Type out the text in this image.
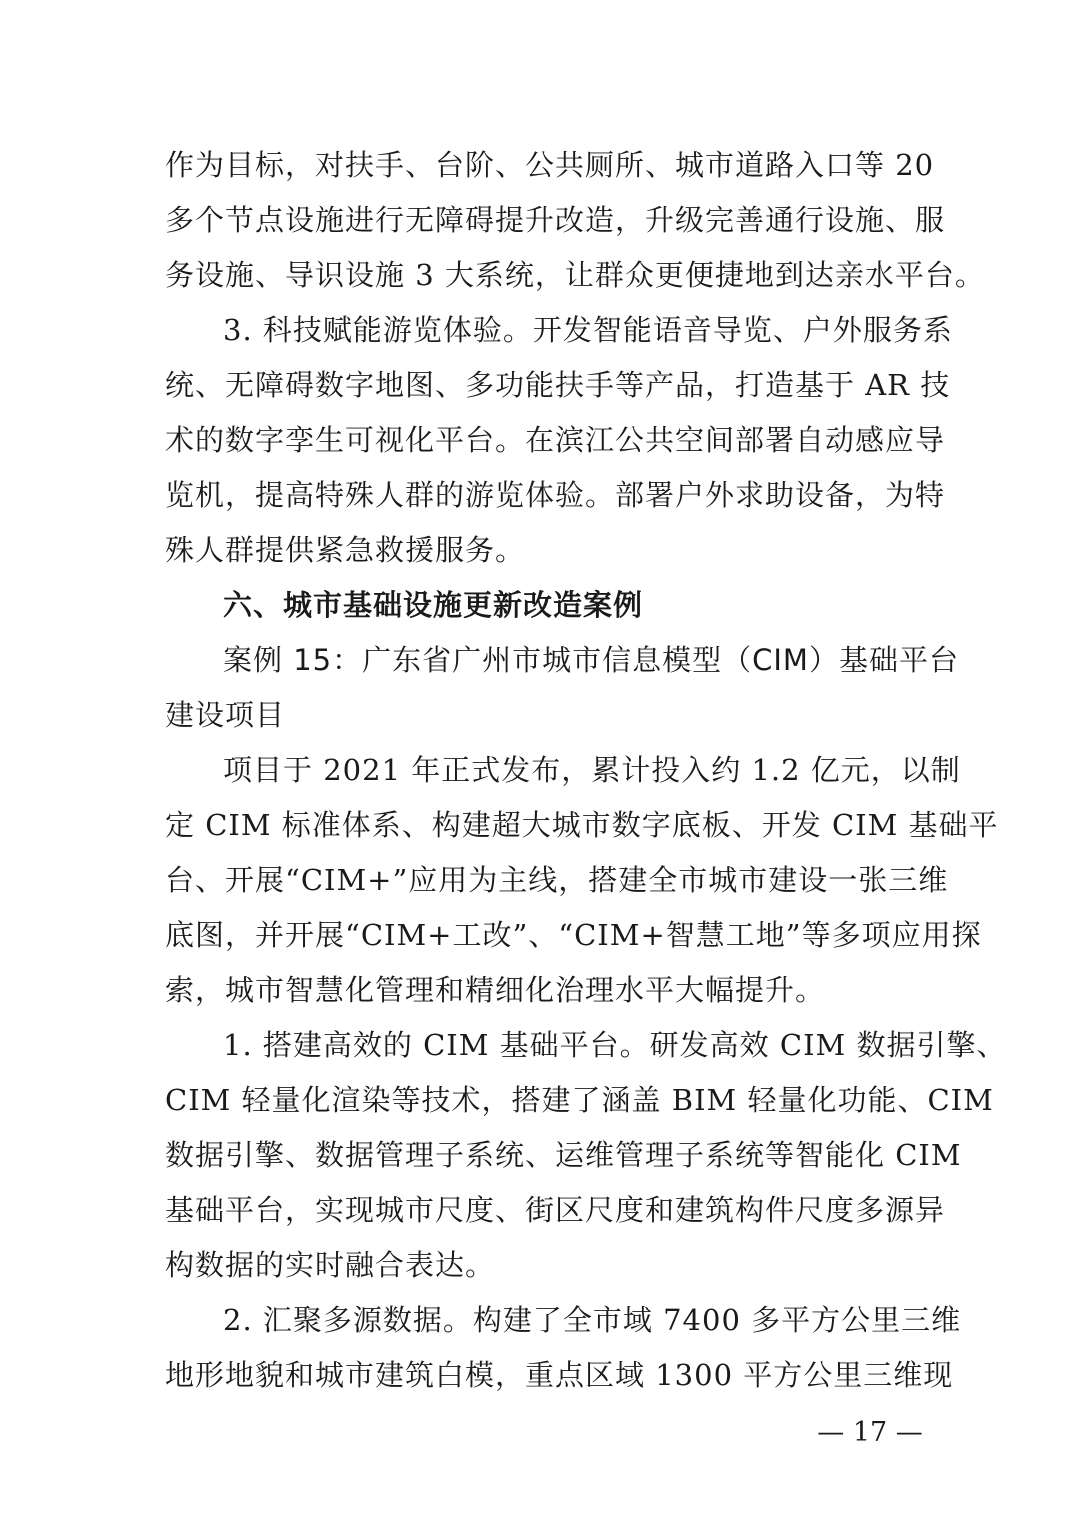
作为目标，对扶手、台阶、公共厕所、城市道路入口等 20
多个节点设施进行无障碍提升改造，升级完善通行设施、服
务设施、导识设施 3 大系统，让群众更便捷地到达亲水平台。
3. 科技赋能游览体验。开发智能语音导览、户外服务系
统、无障碍数字地图、多功能扶手等产品，打造基于 AR 技
术的数字孪生可视化平台。在滨江公共空间部署自动感应导
览机，提高特殊人群的游览体验。部署户外求助设备，为特
殊人群提供紧急救援服务。
六、城市基础设施更新改造案例
案例 15：广东省广州市城市信息模型（CIM）基础平台
建设项目
项目于 2021 年正式发布，累计投入约 1.2 亿元，以制
定 CIM 标准体系、构建超大城市数字底板、开发 CIM 基础平
台、开展“CIM+”应用为主线，搭建全市城市建设一张三维
底图，并开展“CIM+工改”、“CIM+智慧工地”等多项应用探
索，城市智慧化管理和精细化治理水平大幅提升。
1. 搭建高效的 CIM 基础平台。研发高效 CIM 数据引擎、
CIM 轻量化渲染等技术，搭建了涵盖 BIM 轻量化功能、CIM
数据引擎、数据管理子系统、运维管理子系统等智能化 CIM
基础平台，实现城市尺度、街区尺度和建筑构件尺度多源异
构数据的实时融合表达。
2. 汇聚多源数据。构建了全市域 7400 多平方公里三维
地形地貌和城市建筑白模，重点区域 1300 平方公里三维现
— 17 —
